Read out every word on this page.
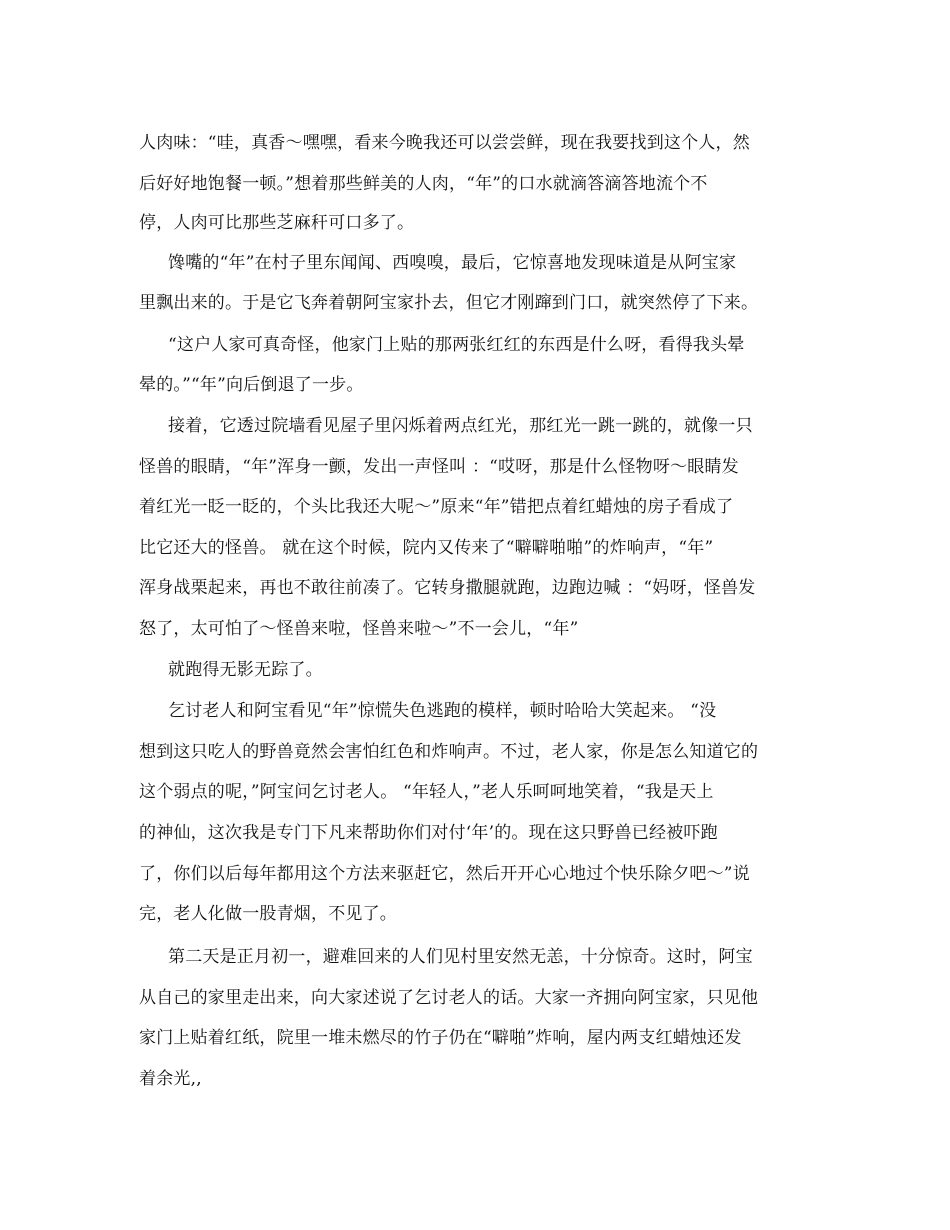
人肉味：“哇，真香～嘿嘿，看来今晚我还可以尝尝鲜，现在我要找到这个人，然
后好好地饱餐一顿。”想着那些鲜美的人肉，“年”的口水就滴答滴答地流个不
停，人肉可比那些芝麻秆可口多了。
馋嘴的“年”在村子里东闻闻、西嗅嗅，最后，它惊喜地发现味道是从阿宝家
里飘出来的。于是它飞奔着朝阿宝家扑去，但它才刚蹿到门口，就突然停了下来。
“这户人家可真奇怪，他家门上贴的那两张红红的东西是什么呀，看得我头晕
晕的。”“年”向后倒退了一步。
接着，它透过院墙看见屋子里闪烁着两点红光，那红光一跳一跳的，就像一只
怪兽的眼睛，“年”浑身一颤，发出一声怪叫 ：“哎呀，那是什么怪物呀～眼睛发
着红光一眨一眨的，个头比我还大呢～”原来“年”错把点着红蜡烛的房子看成了
比它还大的怪兽。 就在这个时候，院内又传来了“噼噼啪啪”的炸响声，“年”
浑身战栗起来，再也不敢往前凑了。它转身撒腿就跑，边跑边喊 ：“妈呀，怪兽发
怒了，太可怕了～怪兽来啦，怪兽来啦～”不一会儿，“年”
就跑得无影无踪了。
乞讨老人和阿宝看见“年”惊慌失色逃跑的模样，顿时哈哈大笑起来。 “没
想到这只吃人的野兽竟然会害怕红色和炸响声。不过，老人家，你是怎么知道它的
这个弱点的呢，”阿宝问乞讨老人。 “年轻人，”老人乐呵呵地笑着，“我是天上
的神仙，这次我是专门下凡来帮助你们对付‘年’的。现在这只野兽已经被吓跑
了，你们以后每年都用这个方法来驱赶它，然后开开心心地过个快乐除夕吧～”说
完，老人化做一股青烟，不见了。
第二天是正月初一，避难回来的人们见村里安然无恙，十分惊奇。这时，阿宝
从自己的家里走出来，向大家述说了乞讨老人的话。大家一齐拥向阿宝家，只见他
家门上贴着红纸，院里一堆未燃尽的竹子仍在“噼啪”炸响，屋内两支红蜡烛还发
着余光,,
